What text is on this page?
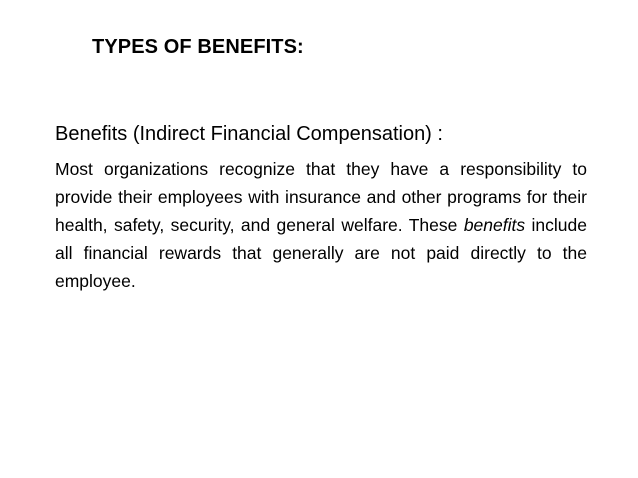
TYPES OF BENEFITS:
Benefits (Indirect Financial Compensation) :

Most organizations recognize that they have a responsibility to provide their employees with insurance and other programs for their health, safety, security, and general welfare. These benefits include all financial rewards that generally are not paid directly to the employee.
